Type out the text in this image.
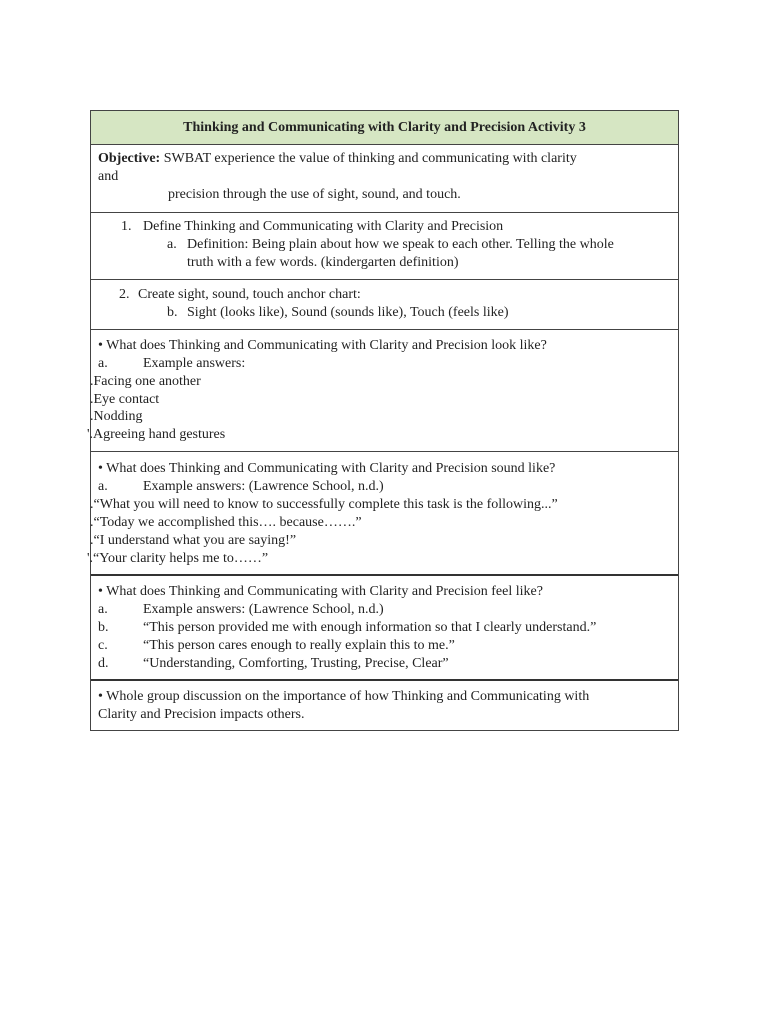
Thinking and Communicating with Clarity and Precision Activity 3
Objective: SWBAT experience the value of thinking and communicating with clarity
and
precision through the use of sight, sound, and touch.
1. Define Thinking and Communicating with Clarity and Precision
a. Definition: Being plain about how we speak to each other. Telling the whole
truth with a few words. (kindergarten definition)
2. Create sight, sound, touch anchor chart:
b. Sight (looks like), Sound (sounds like), Touch (feels like)
• What does Thinking and Communicating with Clarity and Precision look like?
a.	Example answers:
.Facing one another
.Eye contact
.Nodding
'.Agreeing hand gestures
• What does Thinking and Communicating with Clarity and Precision sound like?
a.	Example answers: (Lawrence School, n.d.)
.“What you will need to know to successfully complete this task is the following...”
.“Today we accomplished this…. because…….”
.“I understand what you are saying!”
'.“Your clarity helps me to……”
• What does Thinking and Communicating with Clarity and Precision feel like?
a.	Example answers: (Lawrence School, n.d.)
b. “This person provided me with enough information so that I clearly understand.”
c.	“This person cares enough to really explain this to me.”
d. “Understanding, Comforting, Trusting, Precise, Clear”
• Whole group discussion on the importance of how Thinking and Communicating with
Clarity and Precision impacts others.
